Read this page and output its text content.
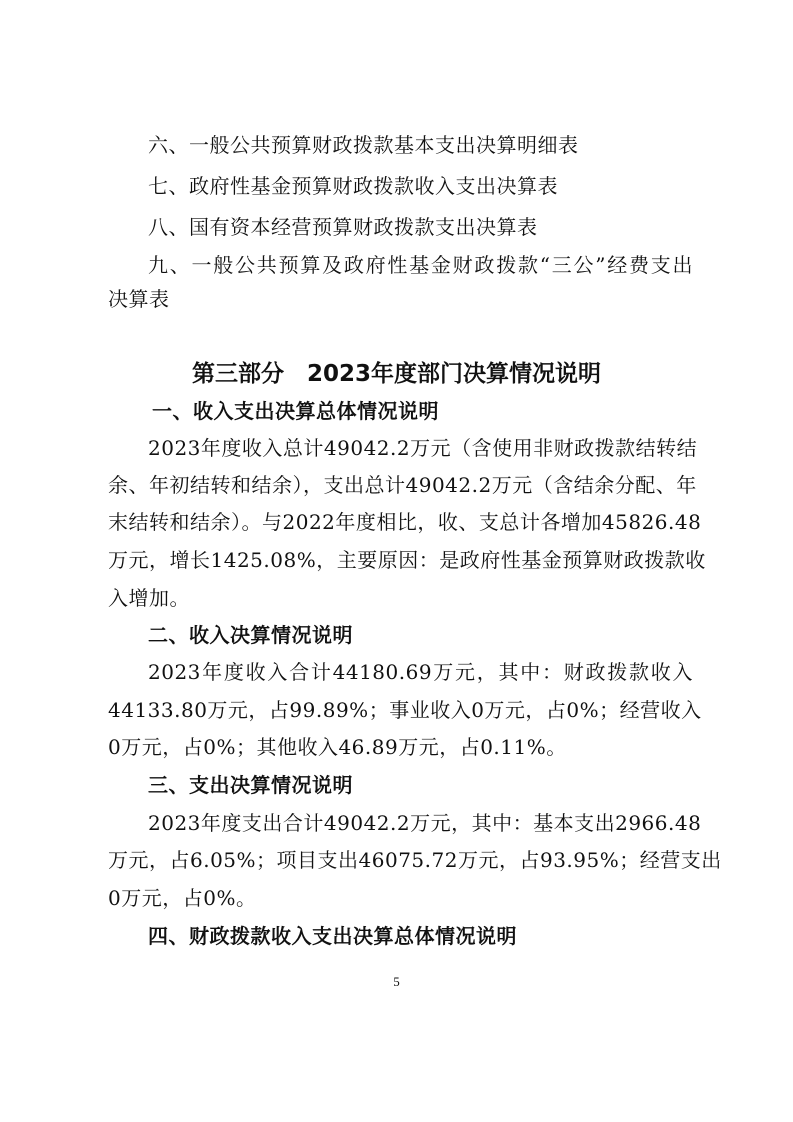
六、一般公共预算财政拨款基本支出决算明细表
七、政府性基金预算财政拨款收入支出决算表
八、国有资本经营预算财政拨款支出决算表
九、一般公共预算及政府性基金财政拨款“三公”经费支出
决算表
第三部分　2023年度部门决算情况说明
一、收入支出决算总体情况说明
2023年度收入总计49042.2万元（含使用非财政拨款结转结
余、年初结转和结余），支出总计49042.2万元（含结余分配、年
末结转和结余）。与2022年度相比，收、支总计各增加45826.48
万元，增长1425.08%，主要原因：是政府性基金预算财政拨款收
入增加。
二、收入决算情况说明
2023年度收入合计44180.69万元，其中：财政拨款收入
44133.80万元，占99.89%；事业收入0万元，占0%；经营收入
0万元，占0%；其他收入46.89万元，占0.11%。
三、支出决算情况说明
2023年度支出合计49042.2万元，其中：基本支出2966.48
万元，占6.05%；项目支出46075.72万元，占93.95%；经营支出
0万元，占0%。
四、财政拨款收入支出决算总体情况说明
5
